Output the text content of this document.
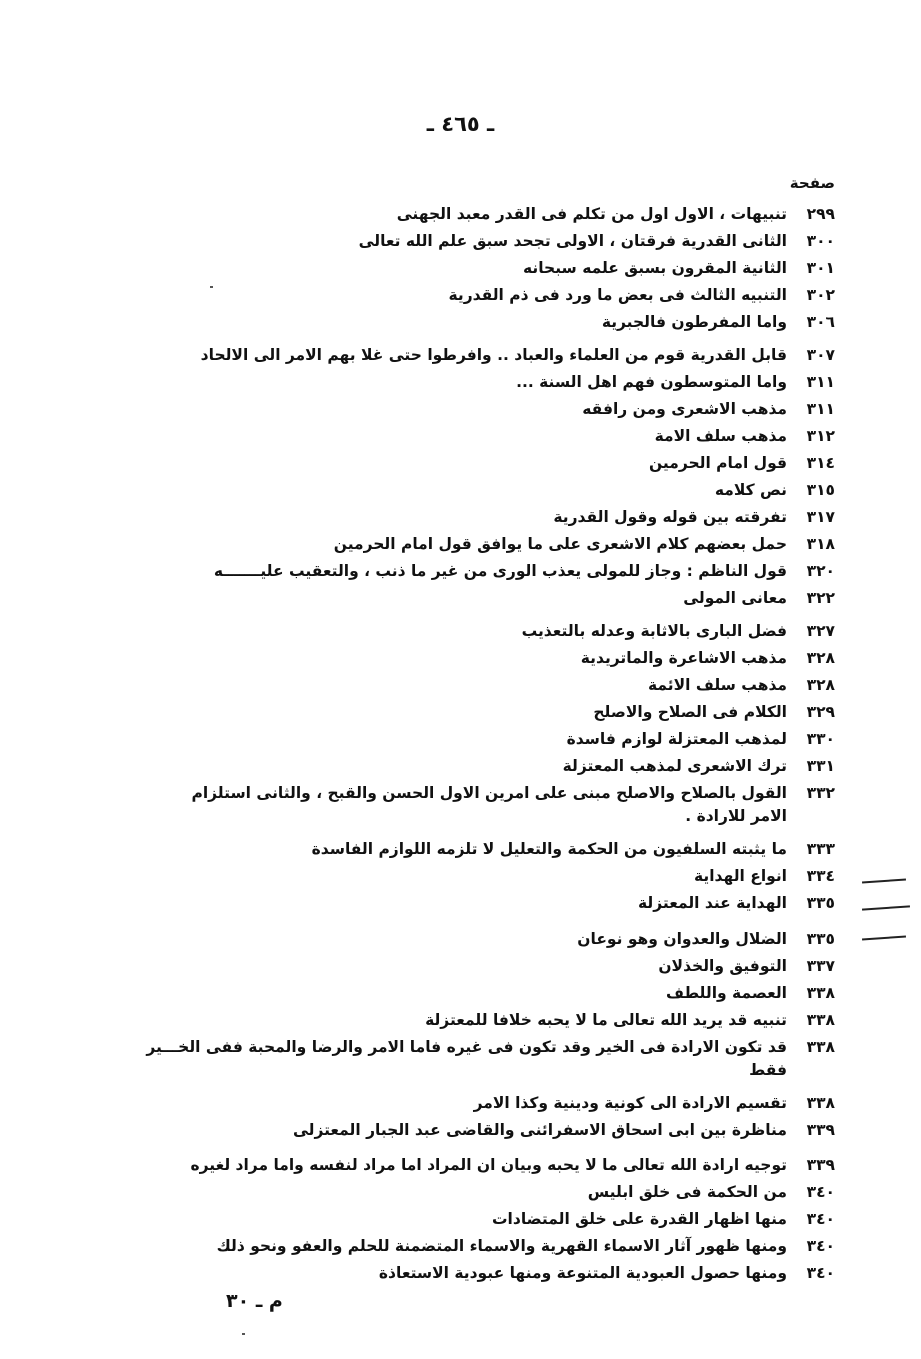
ـ ٤٦٥ ـ
صفحة
٢٩٩تنبيهات ، الاول اول من تكلم فى القدر معبد الجهنى
٣٠٠الثانى القدرية فرقتان ، الاولى تجحد سبق علم الله تعالى
٣٠١الثانية المقرون بسبق علمه سبحانه
٣٠٢التنبيه الثالث فى بعض ما ورد فى ذم القدرية
٣٠٦واما المفرطون فالجبرية
٣٠٧قابل القدرية قوم من العلماء والعباد .. وافرطوا حتى غلا بهم الامر الى الالحاد
٣١١واما المتوسطون فهم اهل السنة ...
٣١١مذهب الاشعرى ومن رافقه
٣١٢مذهب سلف الامة
٣١٤قول امام الحرمين
٣١٥نص كلامه
٣١٧تفرقته بين قوله وقول القدرية
٣١٨حمل بعضهم كلام الاشعرى على ما يوافق قول امام الحرمين
٣٢٠قول الناظم : وجاز للمولى يعذب الورى من غير ما ذنب ، والتعقيب عليـــــــه
٣٢٢معانى المولى
٣٢٧فضل البارى بالاثابة وعدله بالتعذيب
٣٢٨مذهب الاشاعرة والماتريدية
٣٢٨مذهب سلف الائمة
٣٢٩الكلام فى الصلاح والاصلح
٣٣٠لمذهب المعتزلة لوازم فاسدة
٣٣١ترك الاشعرى لمذهب المعتزلة
٣٣٢القول بالصلاح والاصلح مبنى على امرين الاول الحسن والقبح ، والثانى استلزام
الامر للارادة .
٣٣٣ما يثبته السلفيون من الحكمة والتعليل لا تلزمه اللوازم الفاسدة
٣٣٤انواع الهداية
٣٣٥الهداية عند المعتزلة
٣٣٥الضلال والعدوان وهو نوعان
٣٣٧التوفيق والخذلان
٣٣٨العصمة واللطف
٣٣٨تنبيه قد يريد الله تعالى ما لا يحبه خلافا للمعتزلة
٣٣٨قد تكون الارادة فى الخير وقد تكون فى غيره فاما الامر والرضا والمحبة ففى الخـــير
فقط
٣٣٨تقسيم الارادة الى كونية ودينية وكذا الامر
٣٣٩مناظرة بين ابى اسحاق الاسفرائنى والقاضى عبد الجبار المعتزلى
٣٣٩توجيه ارادة الله تعالى ما لا يحبه وبيان ان المراد اما مراد لنفسه واما مراد لغيره
٣٤٠من الحكمة فى خلق ابليس
٣٤٠منها اظهار القدرة على خلق المتضادات
٣٤٠ومنها ظهور آثار الاسماء القهرية والاسماء المتضمنة للحلم والعفو ونحو ذلك
٣٤٠ومنها حصول العبودية المتنوعة ومنها عبودية الاستعاذة
م ـ ٣٠
